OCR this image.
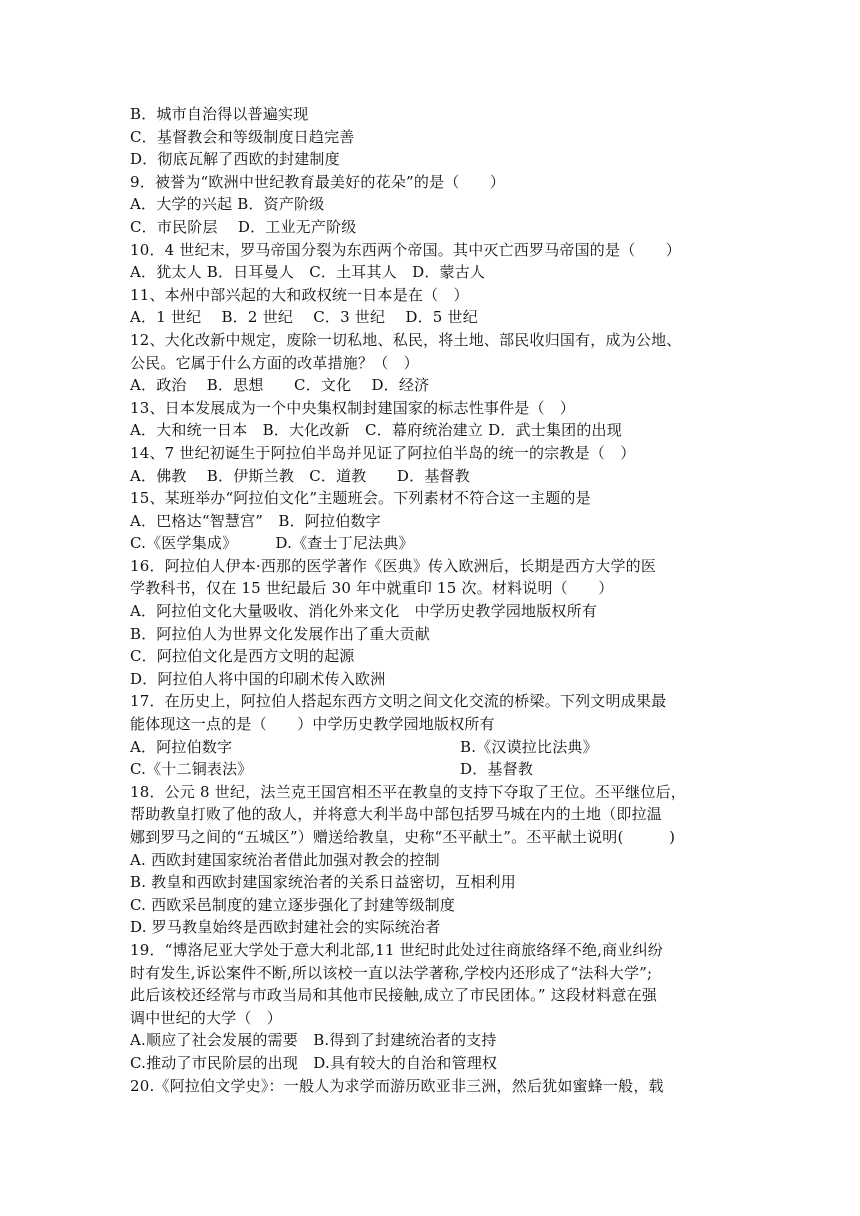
B．城市自治得以普遍实现
C．基督教会和等级制度日趋完善
D．彻底瓦解了西欧的封建制度
9．被誉为“欧洲中世纪教育最美好的花朵”的是（　　）
A．大学的兴起 B．资产阶级
C．市民阶层　 D．工业无产阶级
10．4 世纪末，罗马帝国分裂为东西两个帝国。其中灭亡西罗马帝国的是（　　）
A．犹太人 B．日耳曼人　C．土耳其人　D．蒙古人
11、本州中部兴起的大和政权统一日本是在（　）
A．1 世纪　 B．2 世纪　 C．3 世纪　 D．5 世纪
12、大化改新中规定，废除一切私地、私民，将土地、部民收归国有，成为公地、
公民。它属于什么方面的改革措施？（　）
A．政治　 B．思想　　C．文化　 D．经济
13、日本发展成为一个中央集权制封建国家的标志性事件是（　）
A．大和统一日本　B．大化改新　C．幕府统治建立 D．武士集团的出现
14、7 世纪初诞生于阿拉伯半岛并见证了阿拉伯半岛的统一的宗教是（　）
A．佛教　 B．伊斯兰教　C．道教　　D．基督教
15、某班举办“阿拉伯文化”主题班会。下列素材不符合这一主题的是
A．巴格达“智慧宫”　B．阿拉伯数字
C.《医学集成》　　　D.《查士丁尼法典》
16．阿拉伯人伊本·西那的医学著作《医典》传入欧洲后，长期是西方大学的医
学教科书，仅在 15 世纪最后 30 年中就重印 15 次。材料说明（　　）
A．阿拉伯文化大量吸收、消化外来文化　中学历史教学园地版权所有
B．阿拉伯人为世界文化发展作出了重大贡献
C．阿拉伯文化是西方文明的起源
D．阿拉伯人将中国的印刷术传入欧洲
17．在历史上，阿拉伯人搭起东西方文明之间文化交流的桥梁。下列文明成果最
能体现这一点的是（　　）中学历史教学园地版权所有
A．阿拉伯数字	B.《汉谟拉比法典》
C.《十二铜表法》	D．基督教
18．公元 8 世纪，法兰克王国宫相丕平在教皇的支持下夺取了王位。丕平继位后，
帮助教皇打败了他的敌人，并将意大利半岛中部包括罗马城在内的土地（即拉温
娜到罗马之间的“五城区”）赠送给教皇，史称“丕平献土”。丕平献土说明(　　　)
A. 西欧封建国家统治者借此加强对教会的控制
B. 教皇和西欧封建国家统治者的关系日益密切，互相利用
C. 西欧采邑制度的建立逐步强化了封建等级制度
D. 罗马教皇始终是西欧封建社会的实际统治者
19．“博洛尼亚大学处于意大利北部,11 世纪时此处过往商旅络绎不绝,商业纠纷
时有发生,诉讼案件不断,所以该校一直以法学著称,学校内还形成了“法科大学”;
此后该校还经常与市政当局和其他市民接触,成立了市民团体。” 这段材料意在强
调中世纪的大学（　）
A.顺应了社会发展的需要　B.得到了封建统治者的支持
C.推动了市民阶层的出现　D.具有较大的自治和管理权
20.《阿拉伯文学史》：一般人为求学而游历欧亚非三洲，然后犹如蜜蜂一般，载
